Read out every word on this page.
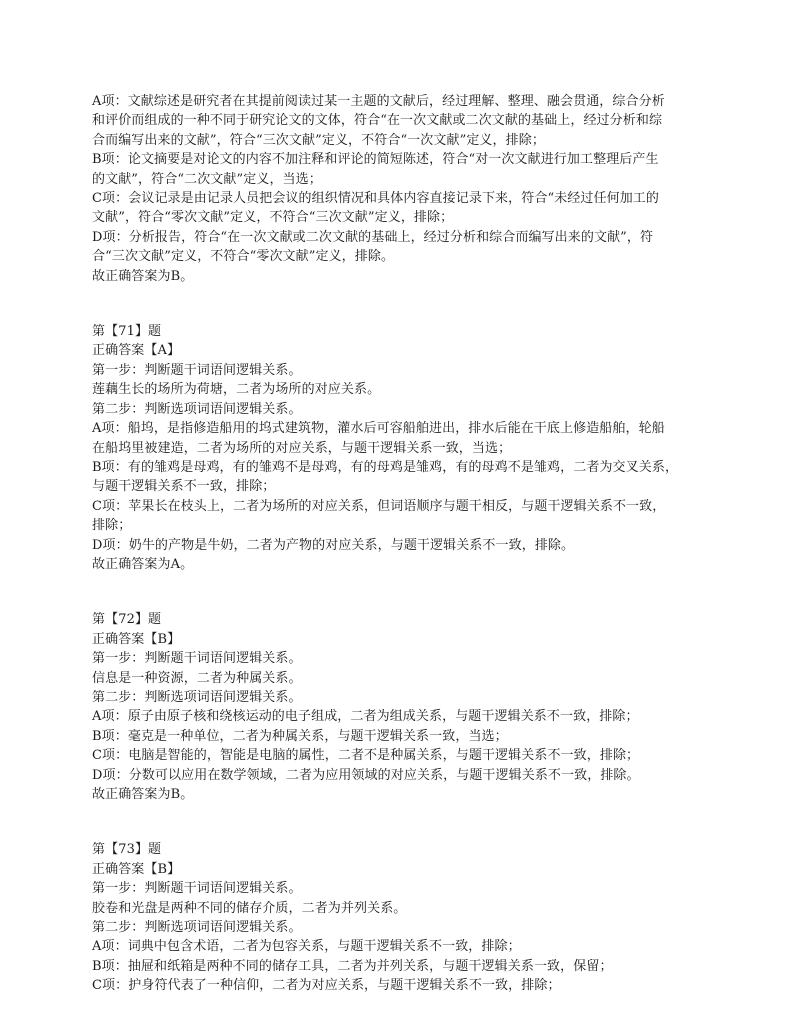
A项：文献综述是研究者在其提前阅读过某一主题的文献后，经过理解、整理、融会贯通，综合分析
和评价而组成的一种不同于研究论文的文体，符合“在一次文献或二次文献的基础上，经过分析和综
合而编写出来的文献”，符合“三次文献”定义，不符合“一次文献”定义，排除；
B项：论文摘要是对论文的内容不加注释和评论的简短陈述，符合“对一次文献进行加工整理后产生
的文献”，符合“二次文献”定义，当选；
C项：会议记录是由记录人员把会议的组织情况和具体内容直接记录下来，符合“未经过任何加工的
文献”，符合“零次文献”定义，不符合“三次文献”定义，排除；
D项：分析报告，符合“在一次文献或二次文献的基础上，经过分析和综合而编写出来的文献”，符
合“三次文献”定义，不符合“零次文献”定义，排除。
故正确答案为B。
第【71】题
正确答案【A】
第一步：判断题干词语间逻辑关系。
莲藕生长的场所为荷塘，二者为场所的对应关系。
第二步：判断选项词语间逻辑关系。
A项：船坞，是指修造船用的坞式建筑物，灌水后可容船舶进出，排水后能在干底上修造船舶，轮船
在船坞里被建造，二者为场所的对应关系，与题干逻辑关系一致，当选；
B项：有的雏鸡是母鸡，有的雏鸡不是母鸡，有的母鸡是雏鸡，有的母鸡不是雏鸡，二者为交叉关系，
与题干逻辑关系不一致，排除；
C项：苹果长在枝头上，二者为场所的对应关系，但词语顺序与题干相反，与题干逻辑关系不一致，
排除；
D项：奶牛的产物是牛奶，二者为产物的对应关系，与题干逻辑关系不一致，排除。
故正确答案为A。
第【72】题
正确答案【B】
第一步：判断题干词语间逻辑关系。
信息是一种资源，二者为种属关系。
第二步：判断选项词语间逻辑关系。
A项：原子由原子核和绕核运动的电子组成，二者为组成关系，与题干逻辑关系不一致，排除；
B项：毫克是一种单位，二者为种属关系，与题干逻辑关系一致，当选；
C项：电脑是智能的，智能是电脑的属性，二者不是种属关系，与题干逻辑关系不一致，排除；
D项：分数可以应用在数学领域，二者为应用领域的对应关系，与题干逻辑关系不一致，排除。
故正确答案为B。
第【73】题
正确答案【B】
第一步：判断题干词语间逻辑关系。
胶卷和光盘是两种不同的储存介质，二者为并列关系。
第二步：判断选项词语间逻辑关系。
A项：词典中包含术语，二者为包容关系，与题干逻辑关系不一致，排除；
B项：抽屉和纸箱是两种不同的储存工具，二者为并列关系，与题干逻辑关系一致，保留；
C项：护身符代表了一种信仰，二者为对应关系，与题干逻辑关系不一致，排除；
